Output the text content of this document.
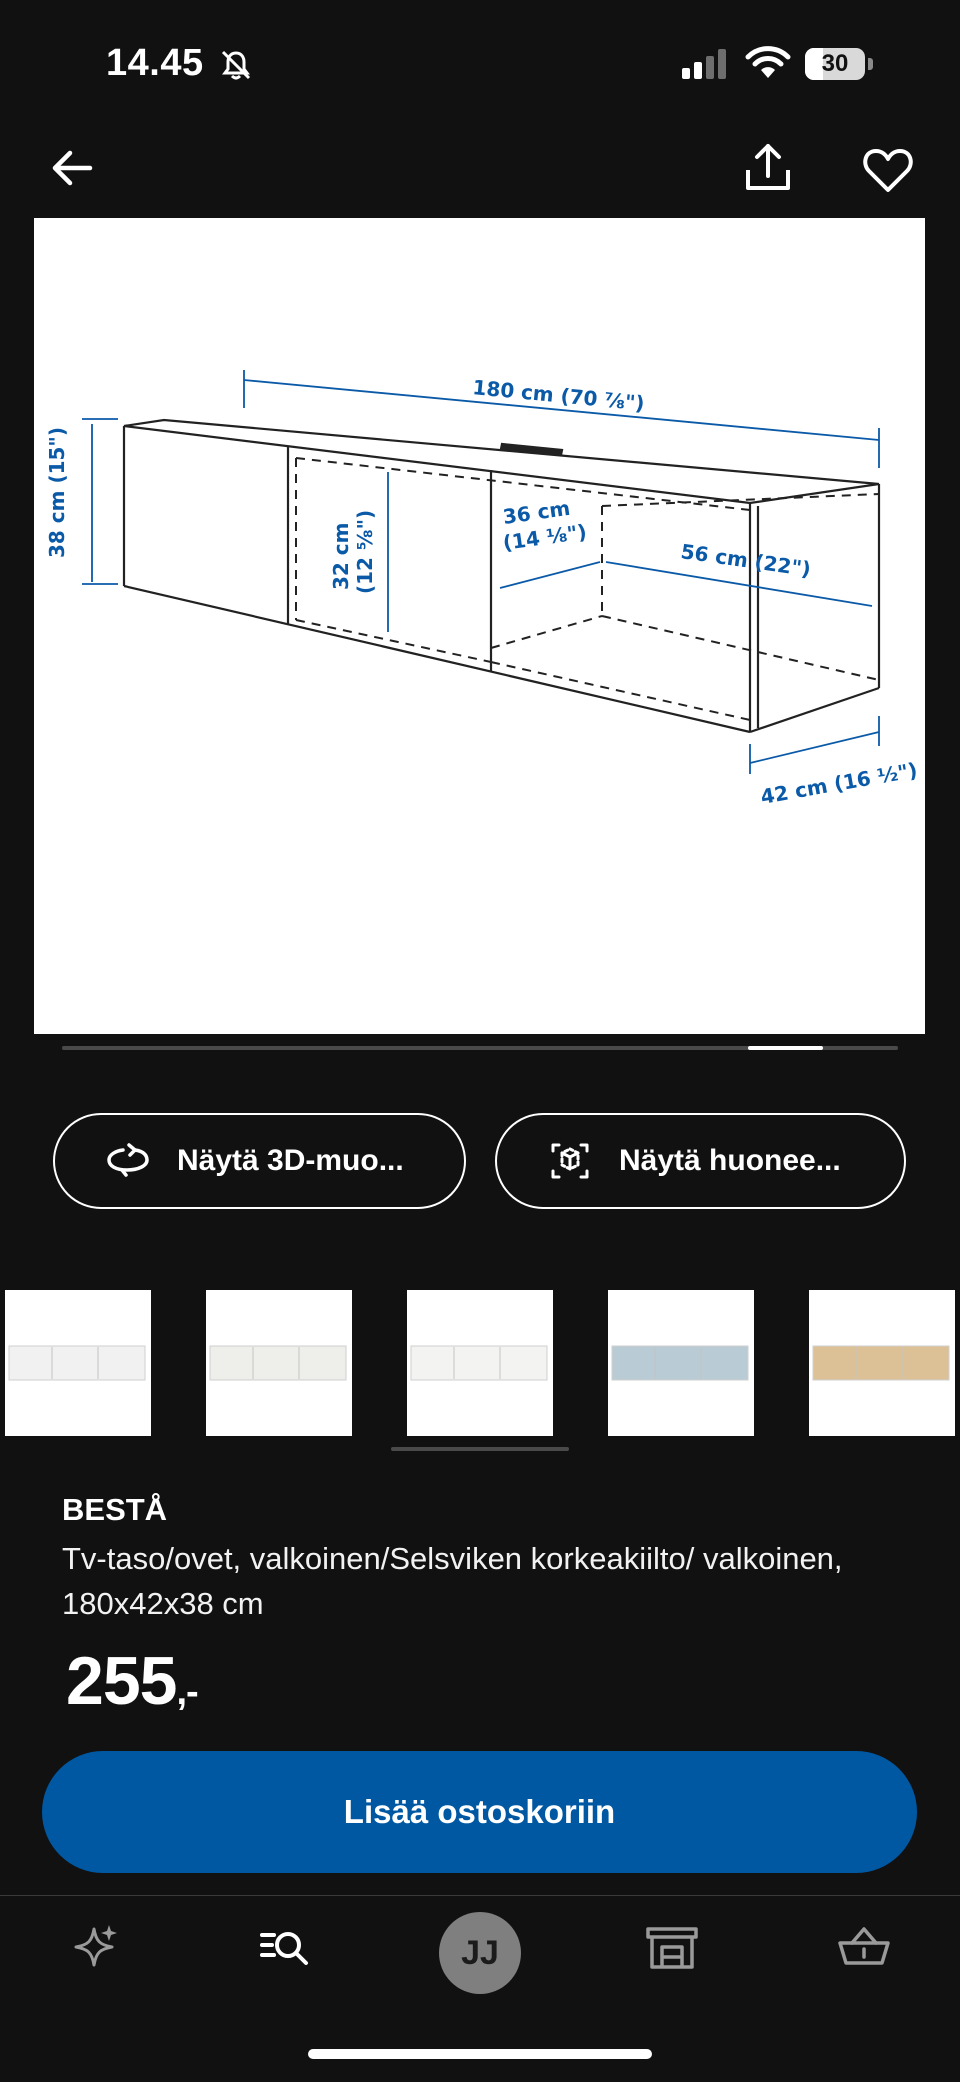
14.45	30
180 cm (70 ⅞")
38 cm (15")	32 cm (12 ⅝")	36 cm
(14 ⅛")
56 cm (22")
42 cm (16 ½")
Näytä 3D-muo...	Näytä huonee...
BESTÅ
Tv-taso/ovet, valkoinen/Selsviken korkeakiilto/ valkoinen, 180x42x38 cm
255,-
Lisää ostoskoriin
JJ
